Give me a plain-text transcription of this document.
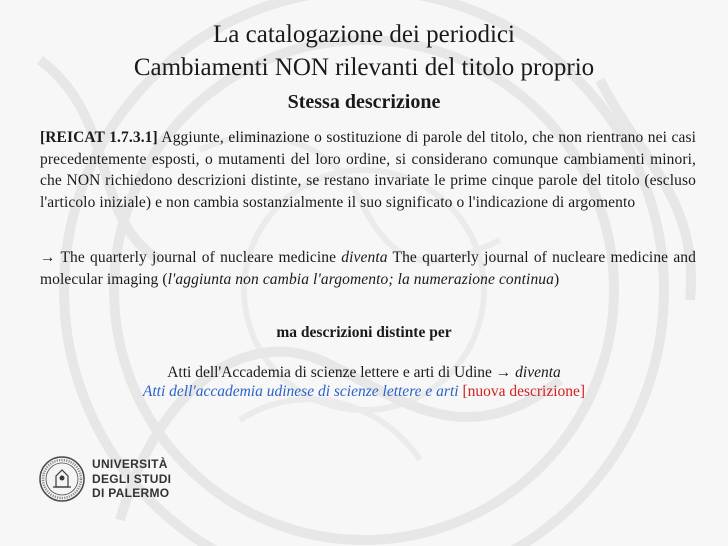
La catalogazione dei periodici
Cambiamenti NON rilevanti del titolo proprio
Stessa descrizione
[REICAT 1.7.3.1] Aggiunte, eliminazione o sostituzione di parole del titolo, che non rientrano nei casi precedentemente esposti, o mutamenti del loro ordine, si considerano comunque cambiamenti minori, che NON richiedono descrizioni distinte, se restano invariate le prime cinque parole del titolo (escluso l'articolo iniziale) e non cambia sostanzialmente il suo significato o l'indicazione di argomento
→ The quarterly journal of nucleare medicine diventa The quarterly journal of nucleare medicine and molecular imaging (l'aggiunta non cambia l'argomento; la numerazione continua)
ma descrizioni distinte per
Atti dell'Accademia di scienze lettere e arti di Udine → diventa
Atti dell'accademia udinese di scienze lettere e arti [nuova descrizione]
UNIVERSITÀ
DEGLI STUDI
DI PALERMO
